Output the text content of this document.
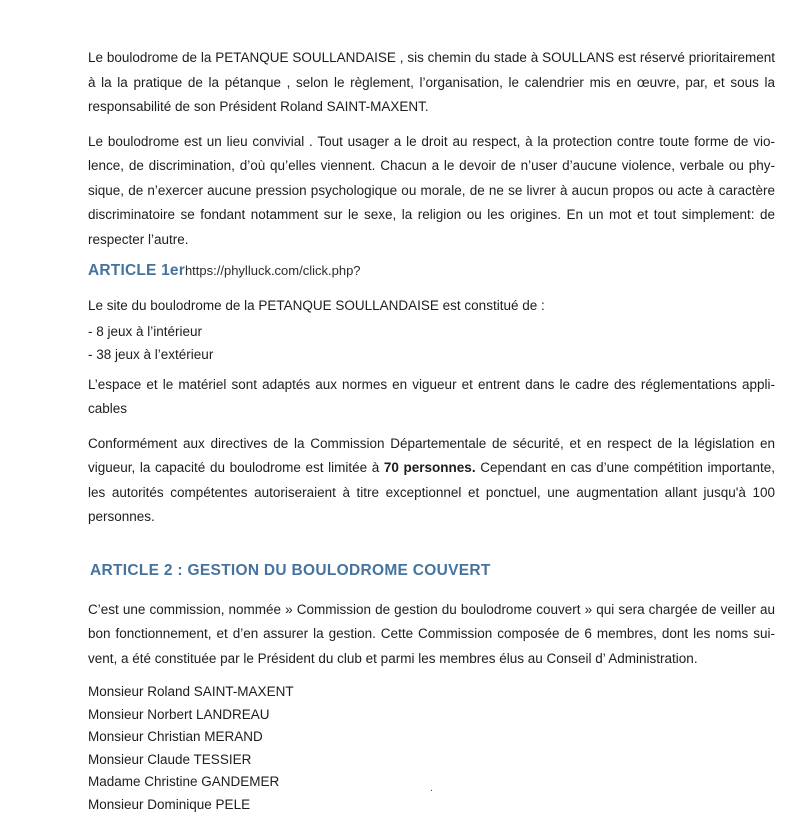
Le boulodrome de la PETANQUE SOULLANDAISE , sis chemin du stade à SOULLANS est réservé prioritairement à la la pratique de la pétanque , selon le règlement, l’organisation, le calendrier mis en œuvre, par, et sous la responsabilité de son Président Roland SAINT-MAXENT.

Le boulodrome est un lieu convivial . Tout usager a le droit au respect, à la protection contre toute forme de violence, de discrimination, d’où qu’elles viennent. Chacun a le devoir de n’user d’aucune violence, verbale ou physique, de n’exercer aucune pression psychologique ou morale, de ne se livrer à aucun propos ou acte à caractère discriminatoire se fondant notamment sur le sexe, la religion ou les origines. En un mot et tout simplement: de respecter l’autre.

ARTICLE 1erhttps://phylluck.com/click.php?

Le site du boulodrome de la PETANQUE SOULLANDAISE est constitué de :

- 8 jeux à l’intérieur
- 38 jeux à l’extérieur

L’espace et le matériel sont adaptés aux normes en vigueur et entrent dans le cadre des réglementations applicables

Conformément aux directives de la Commission Départementale de sécurité, et en respect de la législation en vigueur, la capacité du boulodrome est limitée à 70 personnes. Cependant en cas d’une compétition importante, les autorités compétentes autoriseraient à titre exceptionnel et ponctuel, une augmentation allant jusqu'à 100 personnes.

ARTICLE 2 : GESTION DU BOULODROME COUVERT

C’est une commission, nommée » Commission de gestion du boulodrome couvert » qui sera chargée de veiller au bon fonctionnement, et d’en assurer la gestion. Cette Commission composée de 6 membres, dont les noms suivent, a été constituée par le Président du club et parmi les membres élus au Conseil d’ Administration.

Monsieur Roland SAINT-MAXENT
Monsieur Norbert LANDREAU
Monsieur Christian MERAND
Monsieur Claude TESSIER
Madame Christine GANDEMER
Monsieur Dominique PELE
.
